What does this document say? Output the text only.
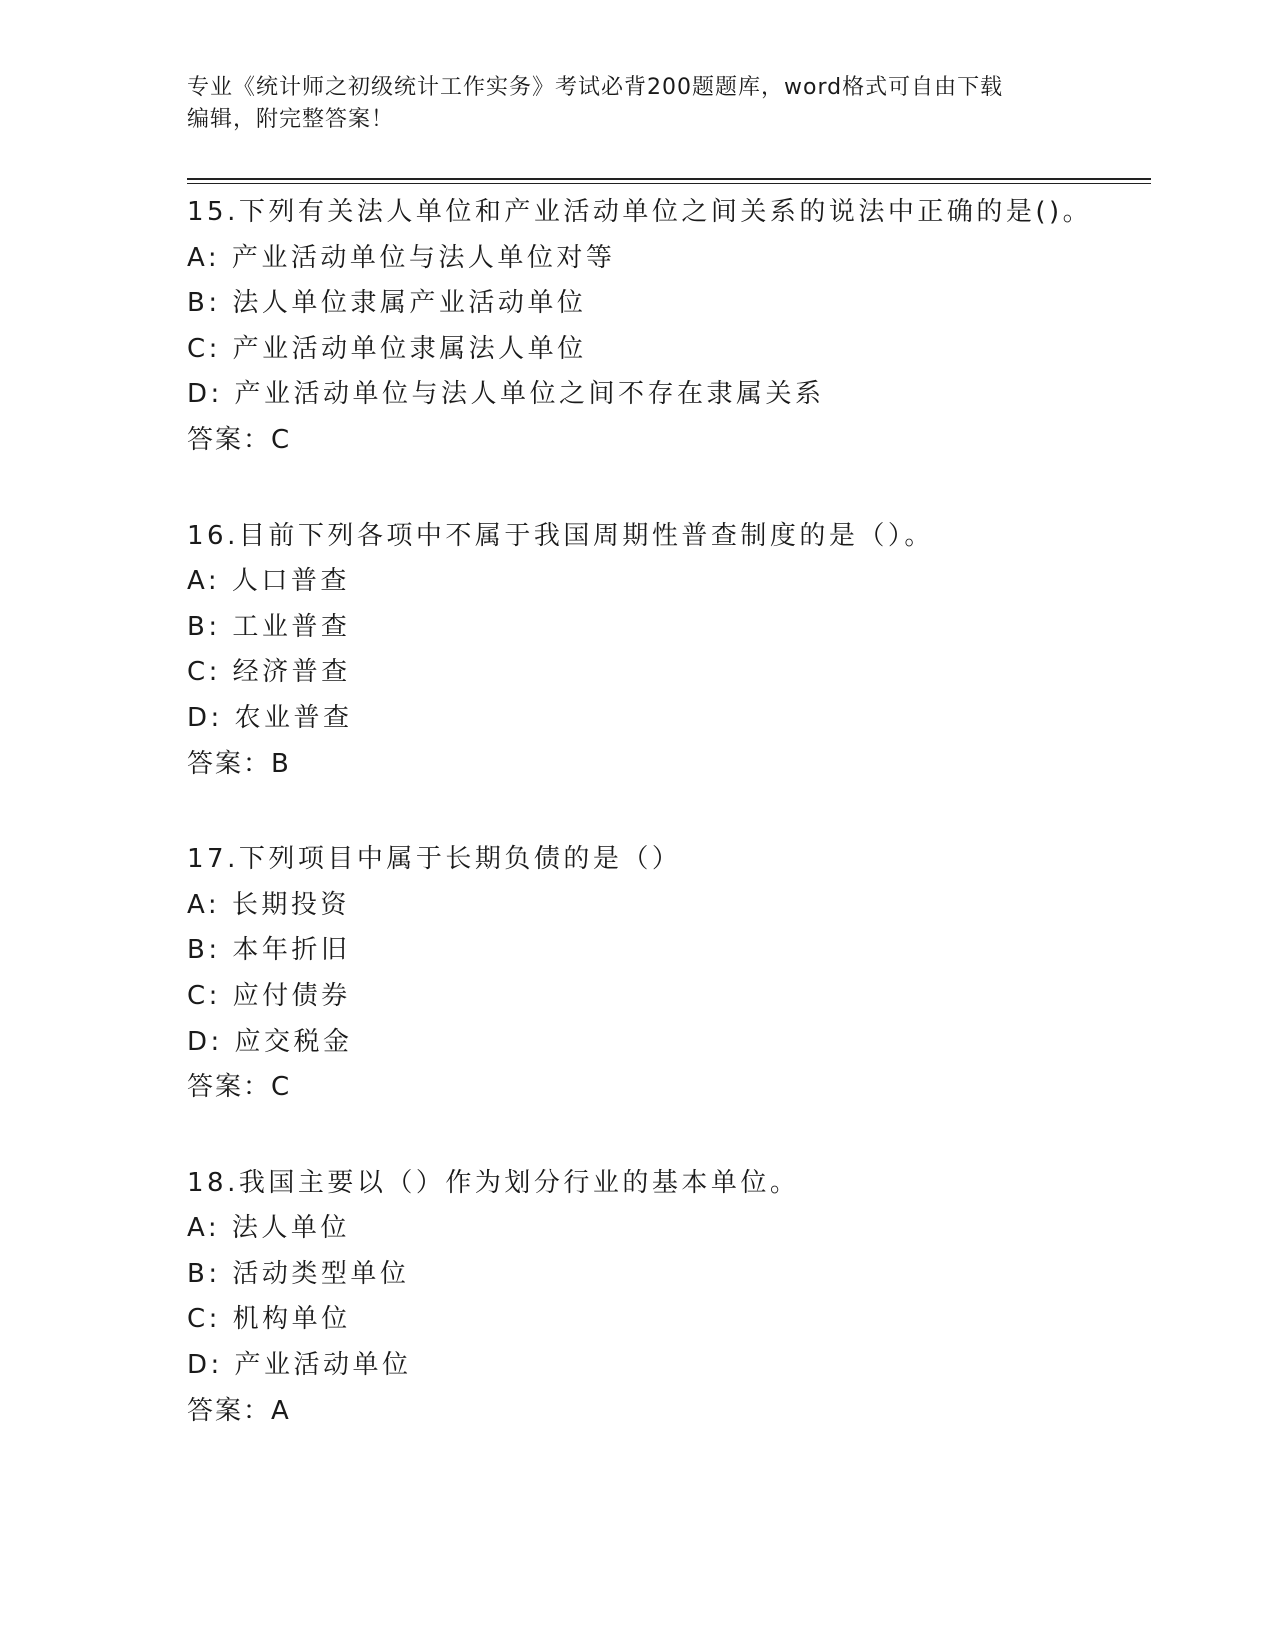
专业《统计师之初级统计工作实务》考试必背200题题库，word格式可自由下载
编辑，附完整答案！
15.下列有关法人单位和产业活动单位之间关系的说法中正确的是()。
A: 产业活动单位与法人单位对等
B: 法人单位隶属产业活动单位
C: 产业活动单位隶属法人单位
D: 产业活动单位与法人单位之间不存在隶属关系
答案：C
16.目前下列各项中不属于我国周期性普查制度的是（）。
A: 人口普查
B: 工业普查
C: 经济普查
D: 农业普查
答案：B
17.下列项目中属于长期负债的是（）
A: 长期投资
B: 本年折旧
C: 应付债券
D: 应交税金
答案：C
18.我国主要以（）作为划分行业的基本单位。
A: 法人单位
B: 活动类型单位
C: 机构单位
D: 产业活动单位
答案：A
